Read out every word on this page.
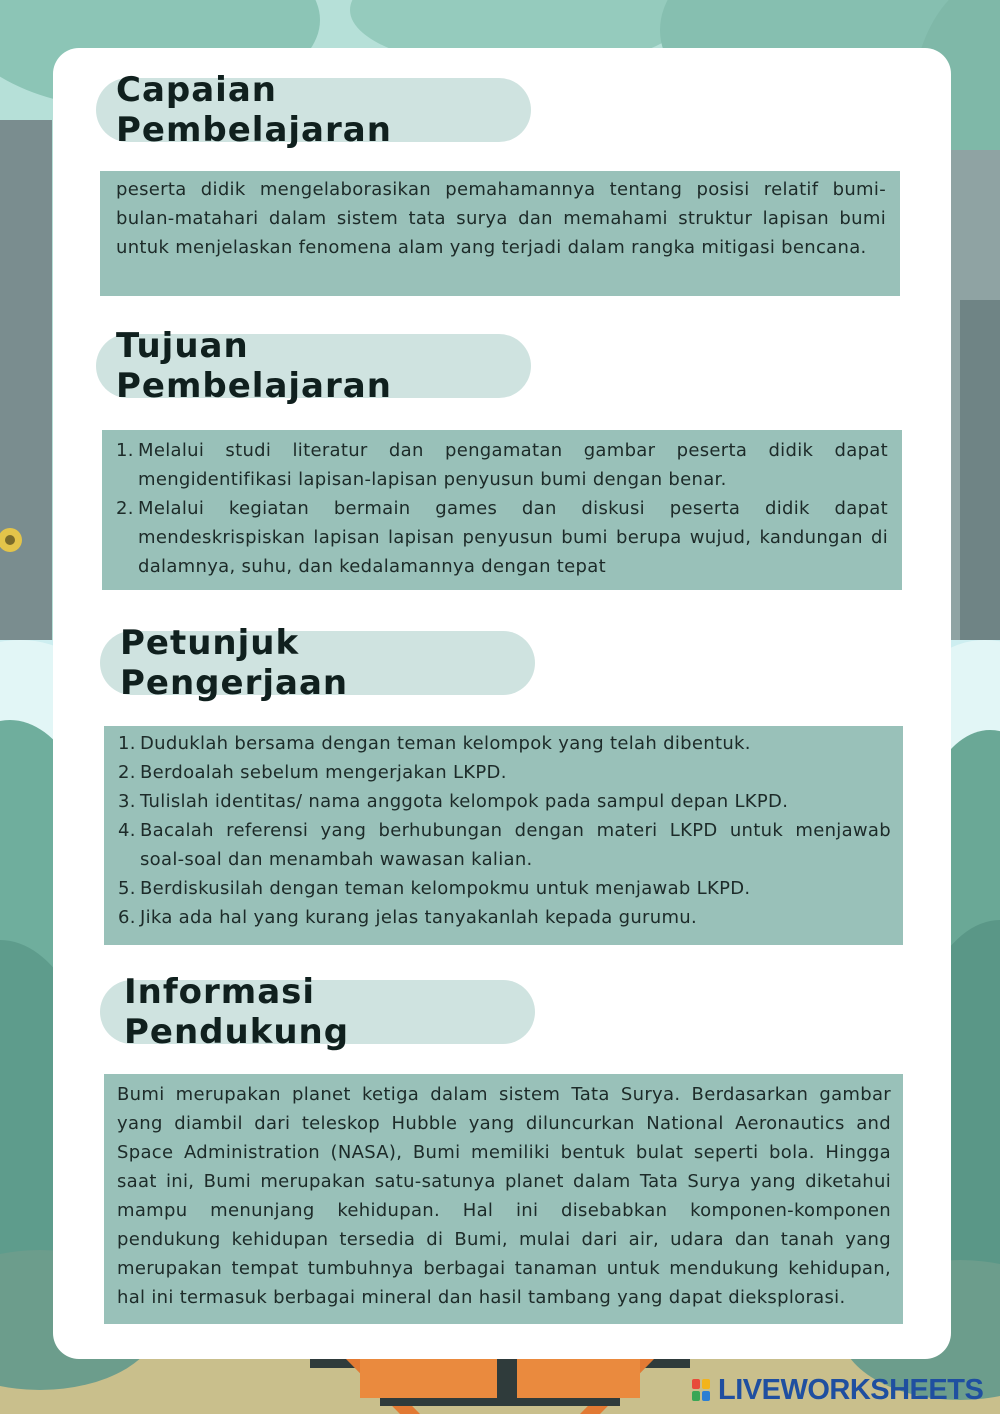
Capaian Pembelajaran

peserta didik mengelaborasikan pemahamannya tentang posisi relatif bumi-bulan-matahari dalam sistem tata surya dan memahami struktur lapisan bumi untuk menjelaskan fenomena alam yang terjadi dalam rangka mitigasi bencana.

Tujuan Pembelajaran
1. Melalui studi literatur dan pengamatan gambar peserta didik dapat mengidentifikasi lapisan-lapisan penyusun bumi dengan benar.
2. Melalui kegiatan bermain games dan diskusi peserta didik dapat mendeskrispiskan lapisan lapisan penyusun bumi berupa wujud, kandungan di dalamnya, suhu, dan kedalamannya dengan tepat
Petunjuk Pengerjaan
1. Duduklah bersama dengan teman kelompok yang telah dibentuk.
2. Berdoalah sebelum mengerjakan LKPD.
3. Tulislah identitas/ nama anggota kelompok pada sampul depan LKPD.
4. Bacalah referensi yang berhubungan dengan materi LKPD untuk menjawab soal-soal dan menambah wawasan kalian.
5. Berdiskusilah dengan teman kelompokmu untuk menjawab LKPD.
6. Jika ada hal yang kurang jelas tanyakanlah kepada gurumu.
Informasi Pendukung

Bumi merupakan planet ketiga dalam sistem Tata Surya. Berdasarkan gambar yang diambil dari teleskop Hubble yang diluncurkan National Aeronautics and Space Administration (NASA), Bumi memiliki bentuk bulat seperti bola. Hingga saat ini, Bumi merupakan satu-satunya planet dalam Tata Surya yang diketahui mampu menunjang kehidupan. Hal ini disebabkan komponen-komponen pendukung kehidupan tersedia di Bumi, mulai dari air, udara dan tanah yang merupakan tempat tumbuhnya berbagai tanaman untuk mendukung kehidupan, hal ini termasuk berbagai mineral dan hasil tambang yang dapat dieksplorasi.

LIVEWORKSHEETS
